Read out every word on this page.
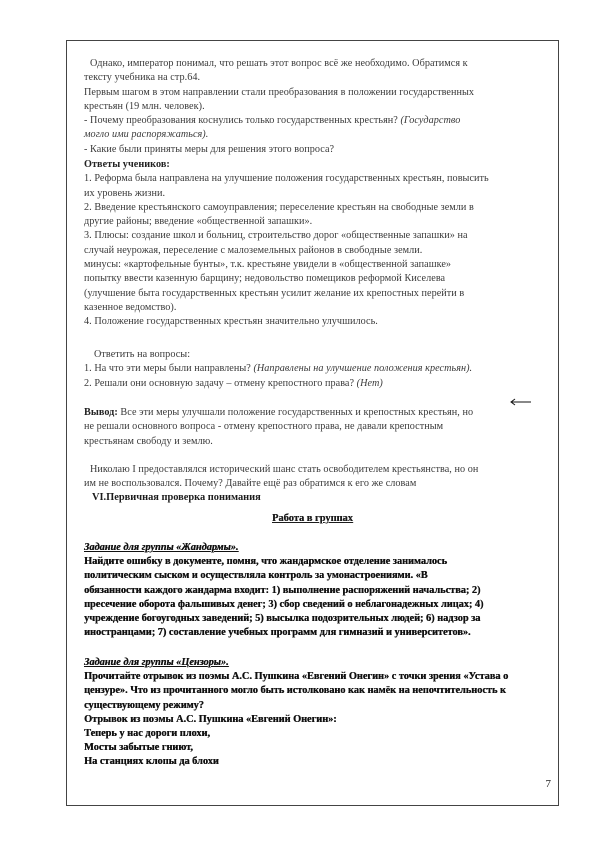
Однако, император понимал, что решать этот вопрос всё же необходимо. Обратимся к
тексту учебника на стр.64.
Первым шагом в этом направлении стали преобразования в положении государственных
крестьян (19 млн. человек).
- Почему преобразования коснулись только государственных крестьян? (Государство
могло ими распоряжаться).
- Какие были приняты меры для решения этого вопроса?
Ответы учеников:
1. Реформа была направлена на улучшение положения государственных крестьян, повысить
их уровень жизни.
2. Введение крестьянского самоуправления; переселение крестьян на свободные земли в
другие районы; введение «общественной запашки».
3. Плюсы: создание школ и больниц, строительство дорог «общественные запашки» на
случай неурожая, переселение с малоземельных районов в свободные земли.
минусы: «картофельные бунты», т.к. крестьяне увидели в «общественной запашке»
попытку ввести казенную барщину; недовольство помещиков реформой Киселева
(улучшение быта государственных крестьян усилит желание их крепостных перейти в
казенное ведомство).
4. Положение государственных крестьян значительно улучшилось.
Ответить на вопросы:
1. На что эти меры были направлены? (Направлены на улучшение положения крестьян).
2. Решали они основную задачу – отмену крепостного права? (Нет)
Вывод: Все эти меры улучшали положение государственных и крепостных крестьян, но
не решали основного вопроса - отмену крепостного права, не давали крепостным
крестьянам свободу и землю.
Николаю I предоставлялся исторический шанс стать освободителем крестьянства, но он
им не воспользовался. Почему? Давайте ещё раз обратимся к его же словам
VI.Первичная проверка понимания
Работа в группах
Задание для группы «Жандармы».
Найдите ошибку в документе, помня, что жандармское отделение занималось
политическим сыском и осуществляла контроль за умонастроениями. «В
обязанности каждого жандарма входит: 1) выполнение распоряжений начальства; 2)
пресечение оборота фальшивых денег; 3) сбор сведений о неблагонадежных лицах; 4)
учреждение богоугодных заведений; 5) высылка подозрительных людей; 6) надзор за
иностранцами; 7) составление учебных программ для гимназий и университетов».
Задание для группы «Цензоры».
Прочитайте отрывок из поэмы А.С. Пушкина «Евгений Онегин» с точки зрения «Устава о
цензуре». Что из прочитанного могло быть истолковано как намёк на непочтительность к
существующему режиму?
Отрывок из поэмы А.С. Пушкина «Евгений Онегин»:
Теперь у нас дороги плохи,
Мосты забытые гниют,
На станциях клопы да блохи
7
